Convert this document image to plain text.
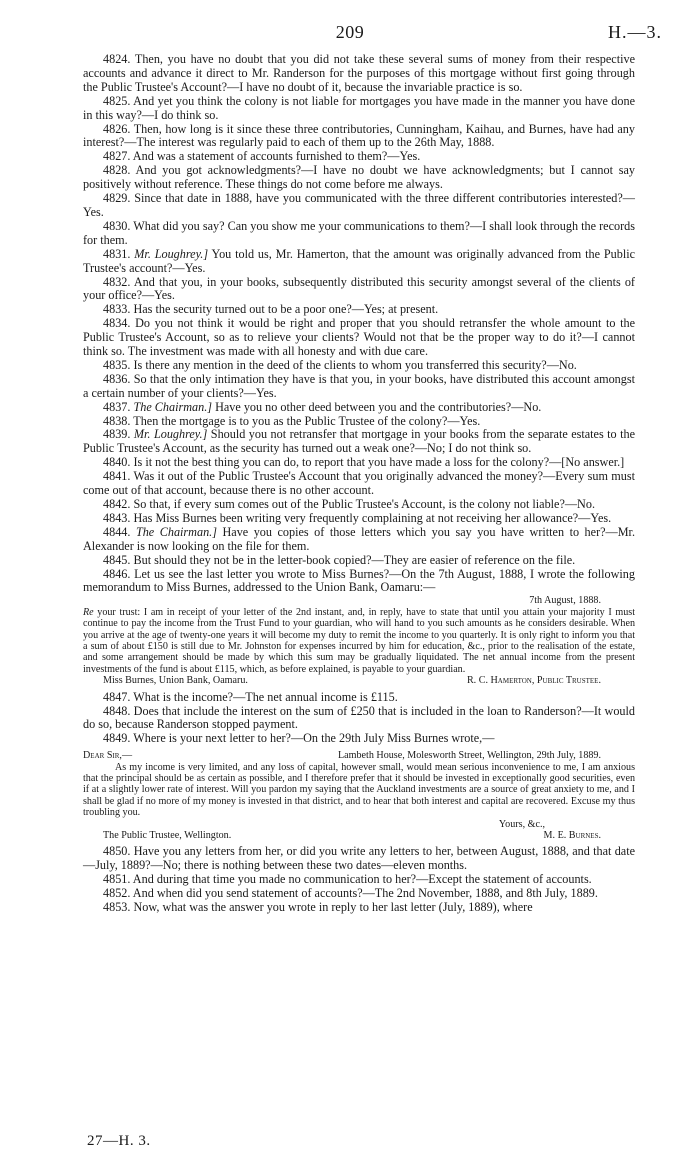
209	H.—3.

4824. Then, you have no doubt that you did not take these several sums of money from their respective accounts and advance it direct to Mr. Randerson for the purposes of this mortgage without first going through the Public Trustee's Account?—I have no doubt of it, because the invariable practice is so.

4825. And yet you think the colony is not liable for mortgages you have made in the manner you have done in this way?—I do think so.

4826. Then, how long is it since these three contributories, Cunningham, Kaihau, and Burnes, have had any interest?—The interest was regularly paid to each of them up to the 26th May, 1888.

4827. And was a statement of accounts furnished to them?—Yes.

4828. And you got acknowledgments?—I have no doubt we have acknowledgments; but I cannot say positively without reference. These things do not come before me always.

4829. Since that date in 1888, have you communicated with the three different contributories interested?—Yes.

4830. What did you say? Can you show me your communications to them?—I shall look through the records for them.

4831. Mr. Loughrey.] You told us, Mr. Hamerton, that the amount was originally advanced from the Public Trustee's account?—Yes.

4832. And that you, in your books, subsequently distributed this security amongst several of the clients of your office?—Yes.

4833. Has the security turned out to be a poor one?—Yes; at present.

4834. Do you not think it would be right and proper that you should retransfer the whole amount to the Public Trustee's Account, so as to relieve your clients? Would not that be the proper way to do it?—I cannot think so. The investment was made with all honesty and with due care.

4835. Is there any mention in the deed of the clients to whom you transferred this security?—No.

4836. So that the only intimation they have is that you, in your books, have distributed this account amongst a certain number of your clients?—Yes.

4837. The Chairman.] Have you no other deed between you and the contributories?—No.

4838. Then the mortgage is to you as the Public Trustee of the colony?—Yes.

4839. Mr. Loughrey.] Should you not retransfer that mortgage in your books from the separate estates to the Public Trustee's Account, as the security has turned out a weak one?—No; I do not think so.

4840. Is it not the best thing you can do, to report that you have made a loss for the colony?—[No answer.]

4841. Was it out of the Public Trustee's Account that you originally advanced the money?—Every sum must come out of that account, because there is no other account.

4842. So that, if every sum comes out of the Public Trustee's Account, is the colony not liable?—No.

4843. Has Miss Burnes been writing very frequently complaining at not receiving her allowance?—Yes.

4844. The Chairman.] Have you copies of those letters which you say you have written to her?—Mr. Alexander is now looking on the file for them.

4845. But should they not be in the letter-book copied?—They are easier of reference on the file.

4846. Let us see the last letter you wrote to Miss Burnes?—On the 7th August, 1888, I wrote the following memorandum to Miss Burnes, addressed to the Union Bank, Oamaru:—

7th August, 1888.
Re your trust: I am in receipt of your letter of the 2nd instant, and, in reply, have to state that until you attain your majority I must continue to pay the income from the Trust Fund to your guardian, who will hand to you such amounts as he considers desirable. When you arrive at the age of twenty-one years it will become my duty to remit the income to you quarterly. It is only right to inform you that a sum of about £150 is still due to Mr. Johnston for expenses incurred by him for education, &c., prior to the realisation of the estate, and some arrangement should be made by which this sum may be gradually liquidated. The net annual income from the present investments of the fund is about £115, which, as before explained, is payable to your guardian.
Miss Burnes, Union Bank, Oamaru.	R. C. Hamerton, Public Trustee.

4847. What is the income?—The net annual income is £115.

4848. Does that include the interest on the sum of £250 that is included in the loan to Randerson?—It would do so, because Randerson stopped payment.

4849. Where is your next letter to her?—On the 29th July Miss Burnes wrote,—

Dear Sir,—	Lambeth House, Molesworth Street, Wellington, 29th July, 1889.
As my income is very limited, and any loss of capital, however small, would mean serious inconvenience to me, I am anxious that the principal should be as certain as possible, and I therefore prefer that it should be invested in exceptionally good securities, even if at a slightly lower rate of interest. Will you pardon my saying that the Auckland investments are a source of great anxiety to me, and I shall be glad if no more of my money is invested in that district, and to hear that both interest and capital are recovered. Excuse my thus troubling you.
Yours, &c.,
The Public Trustee, Wellington.	M. E. Burnes.

4850. Have you any letters from her, or did you write any letters to her, between August, 1888, and that date—July, 1889?—No; there is nothing between these two dates—eleven months.

4851. And during that time you made no communication to her?—Except the statement of accounts.

4852. And when did you send statement of accounts?—The 2nd November, 1888, and 8th July, 1889.

4853. Now, what was the answer you wrote in reply to her last letter (July, 1889), where

27—H. 3.
